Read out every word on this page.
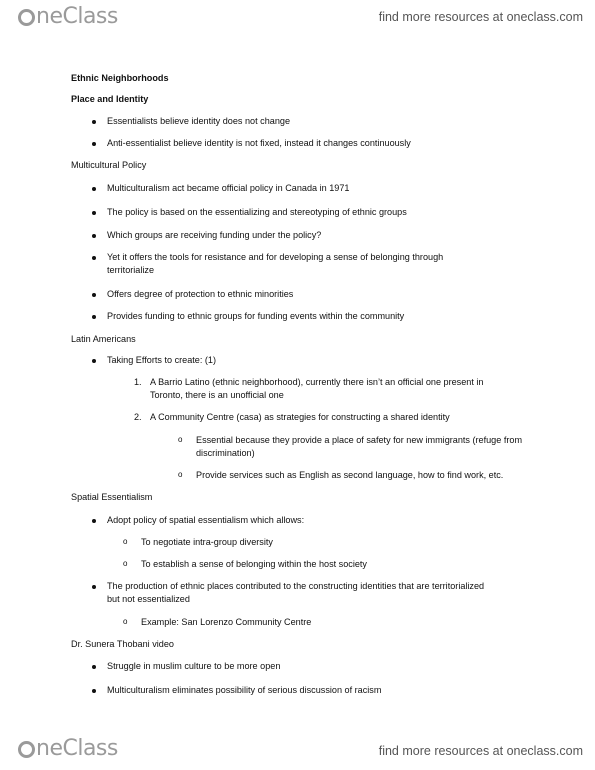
neClass	find more resources at oneclass.com
Ethnic Neighborhoods
Place and Identity
Essentialists believe identity does not change
Anti-essentialist believe identity is not fixed, instead it changes continuously
Multicultural Policy
Multiculturalism act became official policy in Canada in 1971
The policy is based on the essentializing and stereotyping of ethnic groups
Which groups are receiving funding under the policy?
Yet it offers the tools for resistance and for developing a sense of belonging through
territorialize
Offers degree of protection to ethnic minorities
Provides funding to ethnic groups for funding events within the community
Latin Americans
Taking Efforts to create: (1)
1. A Barrio Latino (ethnic neighborhood), currently there isn’t an official one present in
Toronto, there is an unofficial one
2. A Community Centre (casa) as strategies for constructing a shared identity
o Essential because they provide a place of safety for new immigrants (refuge from
discrimination)
o Provide services such as English as second language, how to find work, etc.
Spatial Essentialism
Adopt policy of spatial essentialism which allows:
o To negotiate intra-group diversity
o To establish a sense of belonging within the host society
The production of ethnic places contributed to the constructing identities that are territorialized
but not essentialized
o Example: San Lorenzo Community Centre
Dr. Sunera Thobani video
Struggle in muslim culture to be more open
Multiculturalism eliminates possibility of serious discussion of racism
neClass	find more resources at oneclass.com
